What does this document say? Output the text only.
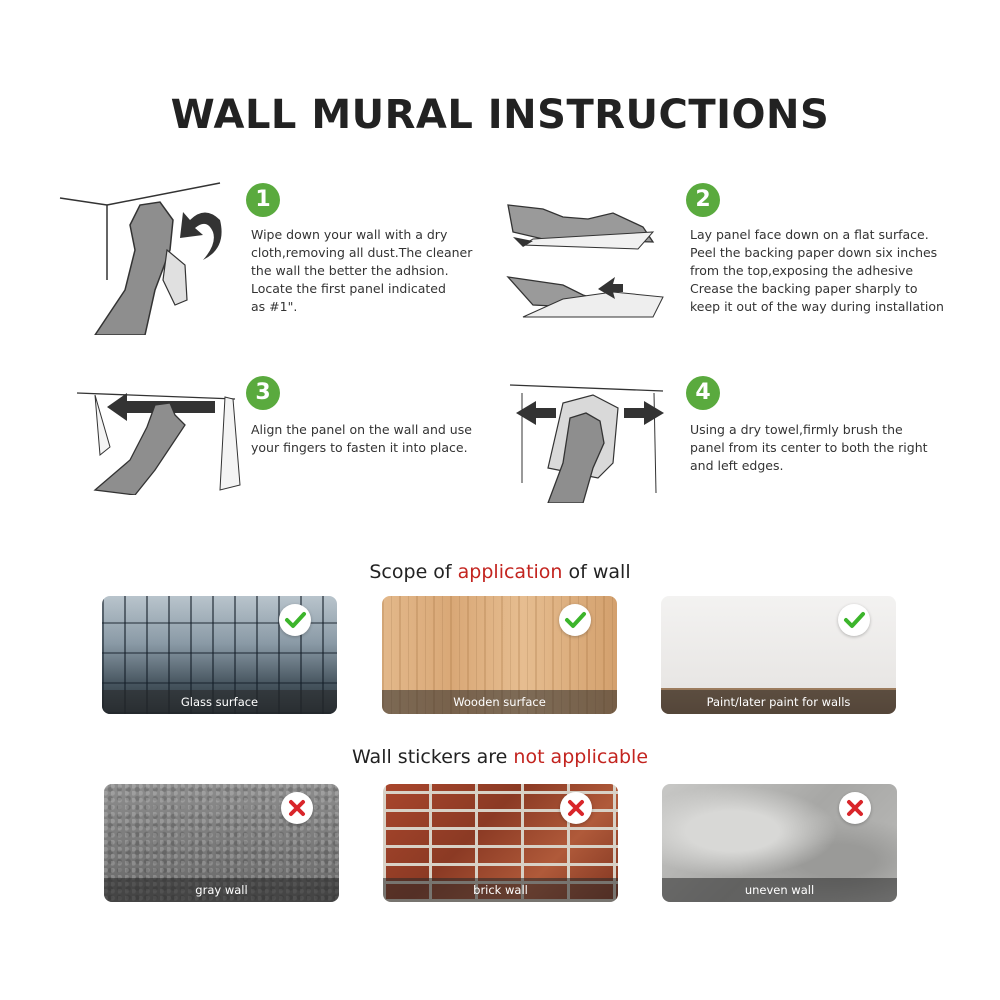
WALL MURAL INSTRUCTIONS
1

Wipe down your wall with a dry
cloth,removing all dust.The cleaner
the wall the better the adhsion.
Locate the first panel indicated
as #1".

2

Lay panel face down on a flat surface.
Peel the backing paper down six inches
from the top,exposing the adhesive
Crease the backing paper sharply to
keep it out of the way during installation

3

Align the panel on the wall and use
your fingers to fasten it into place.

4

Using a dry towel,firmly brush the
panel from its center to both the right
and left edges.

Scope of application of wall

Glass surface	Wooden surface	Paint/later paint for walls

Wall stickers are not applicable

gray wall	brick wall	uneven wall
